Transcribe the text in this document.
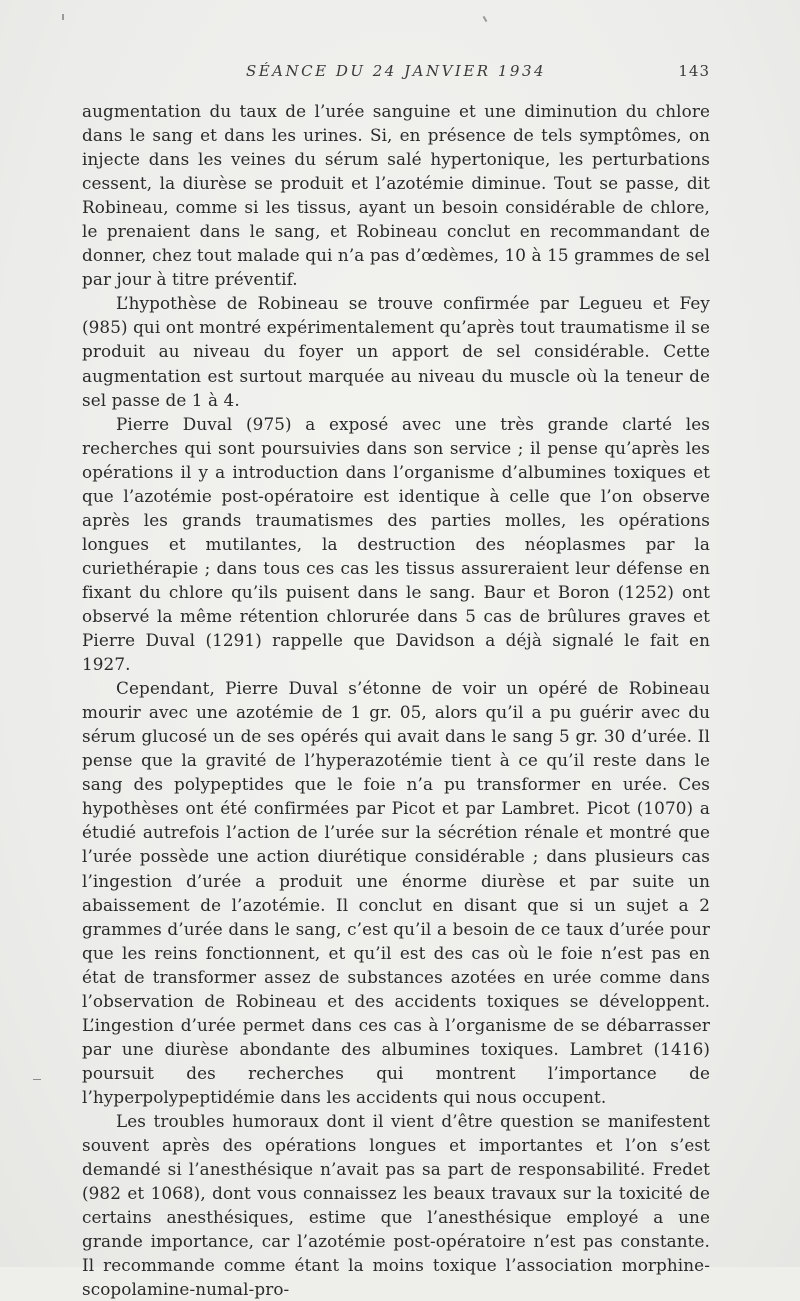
SÉANCE DU 24 JANVIER 1934	143

augmentation du taux de l’urée sanguine et une diminution du chlore dans le sang et dans les urines. Si, en présence de tels symptômes, on injecte dans les veines du sérum salé hypertonique, les perturbations cessent, la diurèse se produit et l’azotémie diminue. Tout se passe, dit Robineau, comme si les tissus, ayant un besoin considérable de chlore, le prenaient dans le sang, et Robineau conclut en recommandant de donner, chez tout malade qui n’a pas d’œdèmes, 10 à 15 grammes de sel par jour à titre préventif.

L’hypothèse de Robineau se trouve confirmée par Legueu et Fey (985) qui ont montré expérimentalement qu’après tout traumatisme il se produit au niveau du foyer un apport de sel considérable. Cette augmentation est surtout marquée au niveau du muscle où la teneur de sel passe de 1 à 4.

Pierre Duval (975) a exposé avec une très grande clarté les recherches qui sont poursuivies dans son service ; il pense qu’après les opérations il y a introduction dans l’organisme d’albumines toxiques et que l’azotémie post-opératoire est identique à celle que l’on observe après les grands traumatismes des parties molles, les opérations longues et mutilantes, la destruction des néoplasmes par la curiethérapie ; dans tous ces cas les tissus assureraient leur défense en fixant du chlore qu’ils puisent dans le sang. Baur et Boron (1252) ont observé la même rétention chlorurée dans 5 cas de brûlures graves et Pierre Duval (1291) rappelle que Davidson a déjà signalé le fait en 1927.

Cependant, Pierre Duval s’étonne de voir un opéré de Robineau mourir avec une azotémie de 1 gr. 05, alors qu’il a pu guérir avec du sérum glucosé un de ses opérés qui avait dans le sang 5 gr. 30 d’urée. Il pense que la gravité de l’hyperazotémie tient à ce qu’il reste dans le sang des polypeptides que le foie n’a pu transformer en urée. Ces hypothèses ont été confirmées par Picot et par Lambret. Picot (1070) a étudié autrefois l’action de l’urée sur la sécrétion rénale et montré que l’urée possède une action diurétique considérable ; dans plusieurs cas l’ingestion d’urée a produit une énorme diurèse et par suite un abaissement de l’azotémie. Il conclut en disant que si un sujet a 2 grammes d’urée dans le sang, c’est qu’il a besoin de ce taux d’urée pour que les reins fonctionnent, et qu’il est des cas où le foie n’est pas en état de transformer assez de substances azotées en urée comme dans l’observation de Robineau et des accidents toxiques se développent. L’ingestion d’urée permet dans ces cas à l’organisme de se débarrasser par une diurèse abondante des albumines toxiques. Lambret (1416) poursuit des recherches qui montrent l’importance de l’hyperpolypeptidémie dans les accidents qui nous occupent.

Les troubles humoraux dont il vient d’être question se manifestent souvent après des opérations longues et importantes et l’on s’est demandé si l’anesthésique n’avait pas sa part de responsabilité. Fredet (982 et 1068), dont vous connaissez les beaux travaux sur la toxicité de certains anesthésiques, estime que l’anesthésique employé a une grande importance, car l’azotémie post-opératoire n’est pas constante. Il recommande comme étant la moins toxique l’association morphine-scopolamine-numal-pro-
